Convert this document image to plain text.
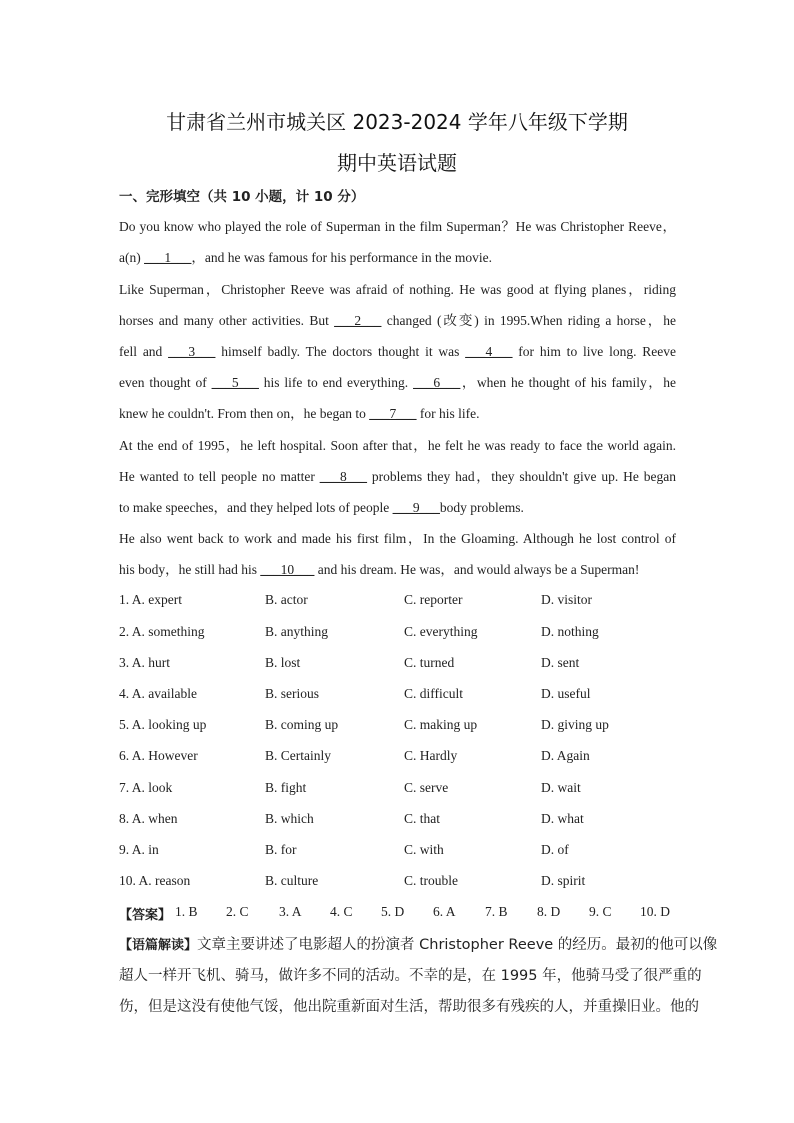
甘肃省兰州市城关区 2023-2024 学年八年级下学期
期中英语试题
一、完形填空（共 10 小题，计 10 分）
Do you know who played the role of Superman in the film Superman？He was Christopher Reeve，
a(n) ___1___，and he was famous for his performance in the movie.
Like Superman，Christopher Reeve was afraid of nothing. He was good at flying planes，riding
horses and many other activities. But ___2___ changed (改变) in 1995.When riding a horse，he
fell and ___3___ himself badly. The doctors thought it was ___4___ for him to live long. Reeve
even thought of ___5___ his life to end everything. ___6___，when he thought of his family，he
knew he couldn't. From then on，he began to ___7___ for his life.
At the end of 1995，he left hospital. Soon after that，he felt he was ready to face the world again.
He wanted to tell people no matter ___8___ problems they had，they shouldn't give up. He began
to make speeches，and they helped lots of people ___9___body problems.
He also went back to work and made his first film，In the Gloaming. Although he lost control of
his body，he still had his ___10___ and his dream. He was，and would always be a Superman!
1. A. expert	B. actor	C. reporter	D. visitor
2. A. something	B. anything	C. everything	D. nothing
3. A. hurt	B. lost	C. turned	D. sent
4. A. available	B. serious	C. difficult	D. useful
5. A. looking up	B. coming up	C. making up	D. giving up
6. A. However	B. Certainly	C. Hardly	D. Again
7. A. look	B. fight	C. serve	D. wait
8. A. when	B. which	C. that	D. what
9. A. in	B. for	C. with	D. of
10. A. reason	B. culture	C. trouble	D. spirit
【答案】 1. B 2. C 3. A 4. C 5. D 6. A 7. B 8. D 9. C 10. D
【语篇解读】文章主要讲述了电影超人的扮演者 Christopher Reeve 的经历。最初的他可以像
超人一样开飞机、骑马，做许多不同的活动。不幸的是，在 1995 年，他骑马受了很严重的
伤，但是这没有使他气馁，他出院重新面对生活，帮助很多有残疾的人，并重操旧业。他的
